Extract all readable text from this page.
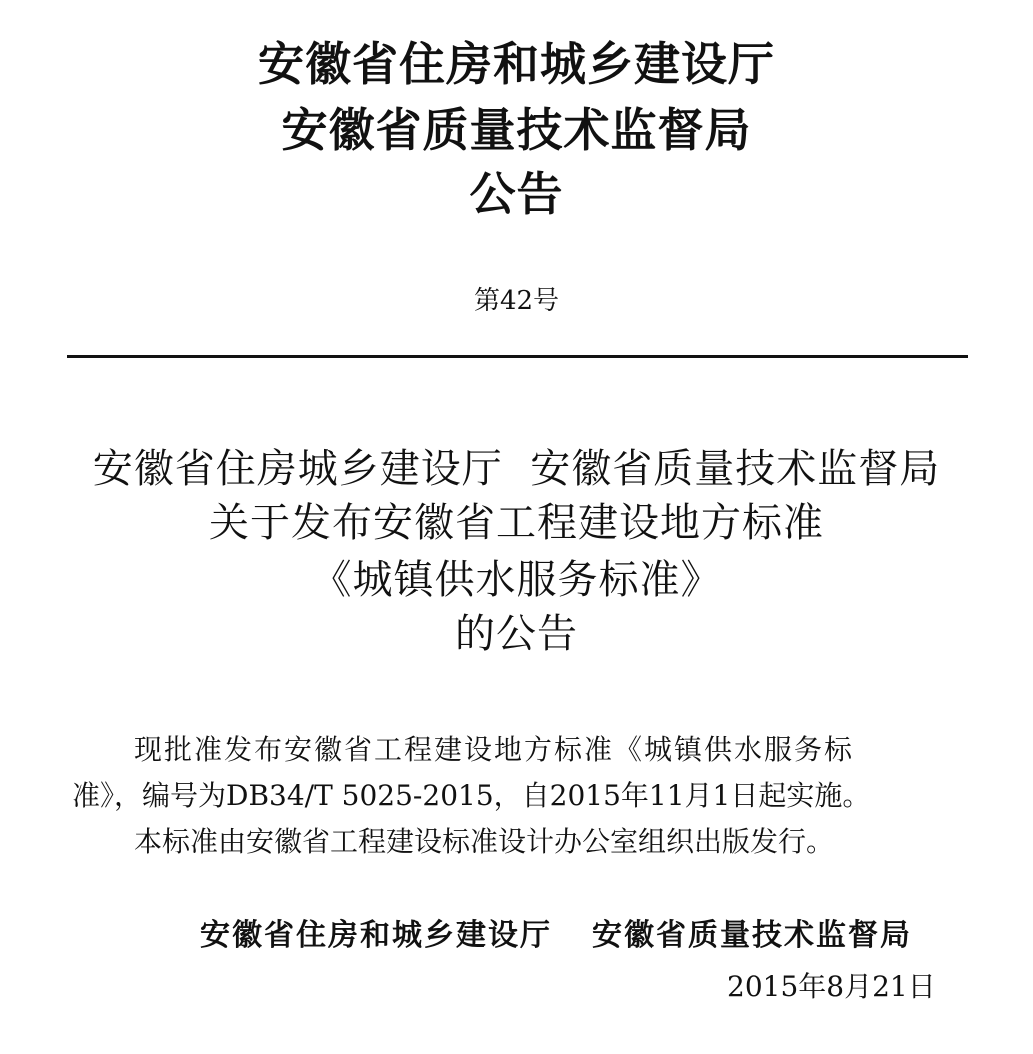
安徽省住房和城乡建设厅
安徽省质量技术监督局
公告
第42号
安徽省住房城乡建设厅  安徽省质量技术监督局
关于发布安徽省工程建设地方标准
《城镇供水服务标准》
的公告
现批准发布安徽省工程建设地方标准《城镇供水服务标
准》，编号为DB34/T 5025-2015，自2015年11月1日起实施。
本标准由安徽省工程建设标准设计办公室组织出版发行。
安徽省住房和城乡建设厅 安徽省质量技术监督局
2015年8月21日
